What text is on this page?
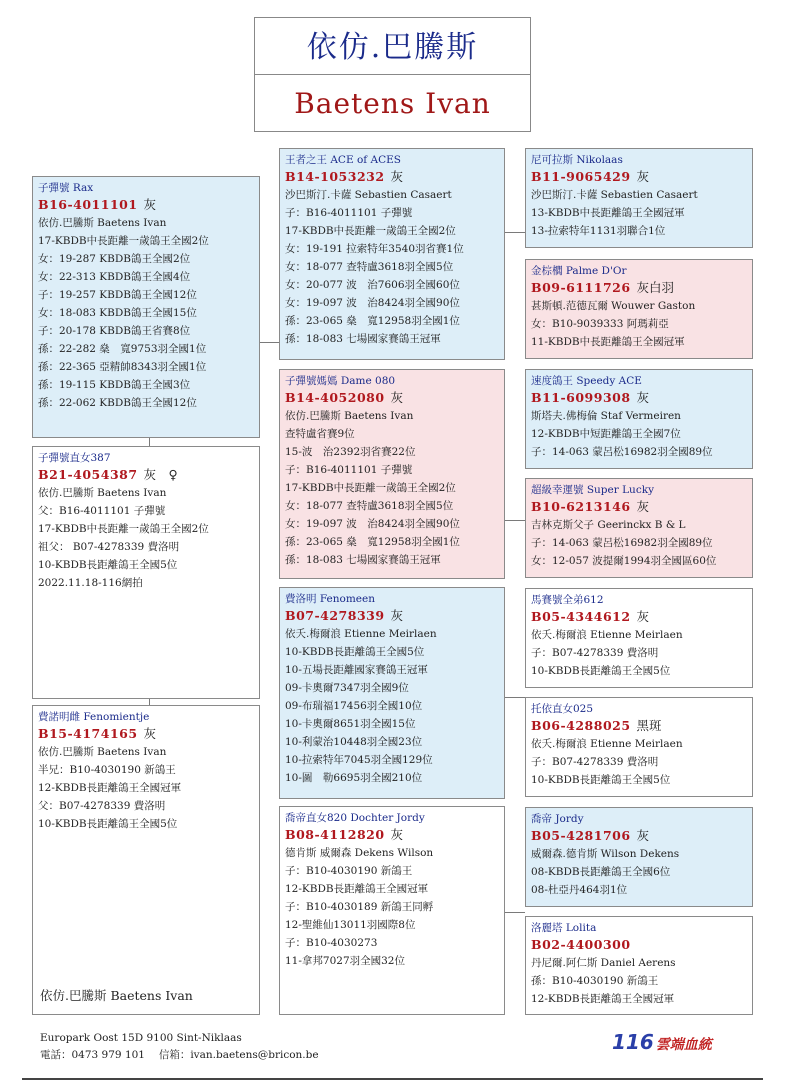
依仿.巴騰斯
Baetens Ivan
子彈號 Rax
B16-4011101 灰
依仿.巴騰斯 Baetens Ivan
17-KBDB中長距離一歲鴿王全國2位
女：19-287 KBDB鴿王全國2位
女：22-313 KBDB鴿王全國4位
子：19-257 KBDB鴿王全國12位
女：18-083 KBDB鴿王全國15位
子：20-178 KBDB鴿王省賽8位
孫：22-282 燊　寬9753羽全國1位
孫：22-365 亞精帥8343羽全國1位
孫：19-115 KBDB鴿王全國3位
孫：22-062 KBDB鴿王全國12位
子彈號直女387
B21-4054387 灰　♀
依仿.巴騰斯 Baetens Ivan
父：B16-4011101 子彈號
17-KBDB中長距離一歲鴿王全國2位
祖父： B07-4278339 費洛明
10-KBDB長距離鴿王全國5位
2022.11.18-116網拍
費諾明雌 Fenomientje
B15-4174165 灰
依仿.巴騰斯 Baetens Ivan
半兄：B10-4030190 新鴿王
12-KBDB長距離鴿王全國冠軍
父：B07-4278339 費洛明
10-KBDB長距離鴿王全國5位
王者之王 ACE of ACES
B14-1053232 灰
沙巴斯汀.卡薩 Sebastien Casaert
子：B16-4011101 子彈號
17-KBDB中長距離一歲鴿王全國2位
女：19-191 拉索特年3540羽省賽1位
女：18-077 查特盧3618羽全國5位
女：20-077 波　治7606羽全國60位
女：19-097 波　治8424羽全國90位
孫：23-065 燊　寬12958羽全國1位
孫：18-083 七場國家賽鴿王冠軍
子彈號媽媽 Dame 080
B14-4052080 灰
依仿.巴騰斯 Baetens Ivan
查特盧省賽9位
15-波　治2392羽省賽22位
子：B16-4011101 子彈號
17-KBDB中長距離一歲鴿王全國2位
女：18-077 查特盧3618羽全國5位
女：19-097 波　治8424羽全國90位
孫：23-065 燊　寬12958羽全國1位
孫：18-083 七場國家賽鴿王冠軍
費洛明 Fenomeen
B07-4278339 灰
依夭.梅爾浪 Etienne Meirlaen
10-KBDB長距離鴿王全國5位
10-五場長距離國家賽鴿王冠軍
09-卡奧爾7347羽全國9位
09-布瑞福17456羽全國10位
10-卡奧爾8651羽全國15位
10-利蒙治10448羽全國23位
10-拉索特年7045羽全國129位
10-圖　勒6695羽全國210位
喬帝直女820 Dochter Jordy
B08-4112820 灰
德肯斯 威爾森 Dekens Wilson
子：B10-4030190 新鴿王
12-KBDB長距離鴿王全國冠軍
子：B10-4030189 新鴿王同孵
12-聖維仙13011羽國際8位
子：B10-4030273
11-拿邦7027羽全國32位
尼可拉斯 Nikolaas
B11-9065429 灰
沙巴斯汀.卡薩 Sebastien Casaert
13-KBDB中長距離鴿王全國冠軍
13-拉索特年1131羽聯合1位
金棕櫚 Palme D'Or
B09-6111726 灰白羽
甚斯頓.范德瓦爾 Wouwer Gaston
女：B10-9039333 阿瑪莉亞
11-KBDB中長距離鴿王全國冠軍
速度鴿王 Speedy ACE
B11-6099308 灰
斯塔夫.佛梅倫 Staf Vermeiren
12-KBDB中短距離鴿王全國7位
子：14-063 蒙呂松16982羽全國89位
超級幸運號 Super Lucky
B10-6213146 灰
吉林克斯父子 Geerinckx B & L
子：14-063 蒙呂松16982羽全國89位
女：12-057 波提爾1994羽全國區60位
馬賽號全弟612
B05-4344612 灰
依夭.梅爾浪 Etienne Meirlaen
子：B07-4278339 費洛明
10-KBDB長距離鴿王全國5位
托依直女025
B06-4288025 黑斑
依夭.梅爾浪 Etienne Meirlaen
子：B07-4278339 費洛明
10-KBDB長距離鴿王全國5位
喬帝 Jordy
B05-4281706 灰
威爾森.德肯斯 Wilson Dekens
08-KBDB長距離鴿王全國6位
08-杜亞丹464羽1位
洛麗塔 Lolita
B02-4400300
丹尼爾.阿仁斯 Daniel Aerens
孫：B10-4030190 新鴿王
12-KBDB長距離鴿王全國冠軍
依仿.巴騰斯 Baetens Ivan
Europark Oost 15D 9100 Sint-Niklaas
電話：0473 979 101　 信箱：ivan.baetens@bricon.be
116 雲端血統
